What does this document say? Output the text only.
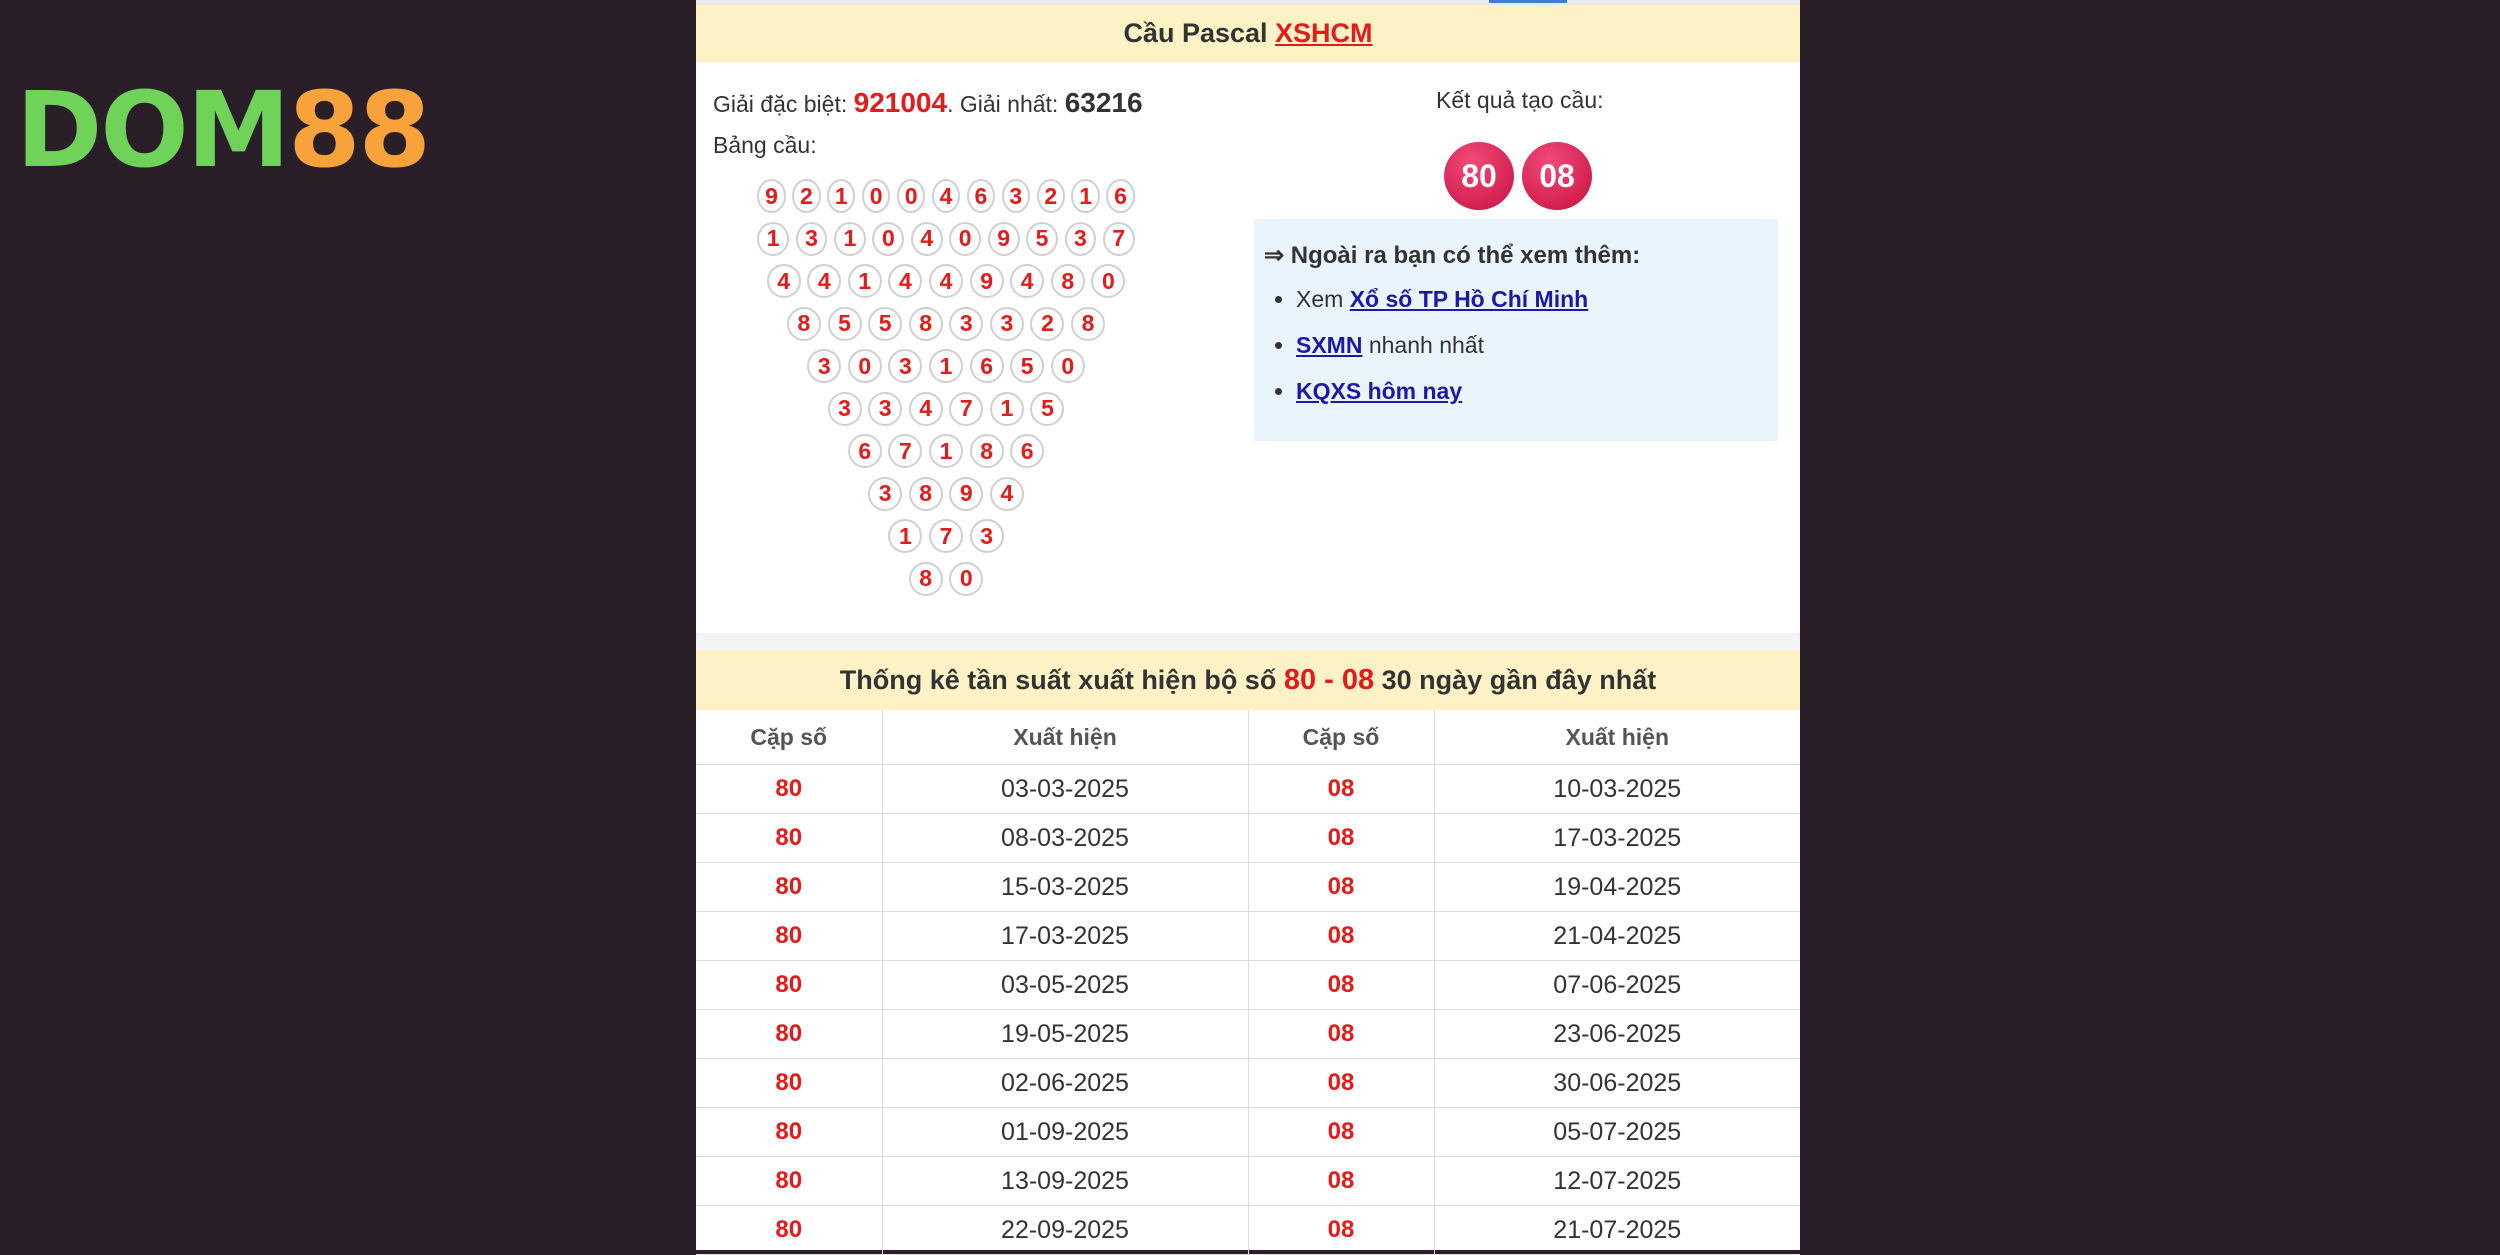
DOM88
Cầu Pascal XSHCM
Giải đặc biệt: 921004. Giải nhất: 63216
Bảng cầu:
9 2 1 0 0 4 6 3 2 1 6
1	3	1	0	4	0	9	5	3	7
4	4	1	4	4	9	4	8	0
8	5	5	8	3	3	2	8
3	0	3	1	6	5	0
3	3	4	7	1	5
6	7	1	8	6
3	8	9	4
1	7	3
8	0
Kết quả tạo cầu:
80	08
⇒ Ngoài ra bạn có thể xem thêm:
• Xem Xổ số TP Hồ Chí Minh
• SXMN nhanh nhất
• KQXS hôm nay
Thống kê tần suất xuất hiện bộ số 80 - 08 30 ngày gần đây nhất
Cặp số	Xuất hiện	Cặp số	Xuất hiện
80	03-03-2025	08	10-03-2025
80	08-03-2025	08	17-03-2025
80	15-03-2025	08	19-04-2025
80	17-03-2025	08	21-04-2025
80	03-05-2025	08	07-06-2025
80	19-05-2025	08	23-06-2025
80	02-06-2025	08	30-06-2025
80	01-09-2025	08	05-07-2025
80	13-09-2025	08	12-07-2025
80	22-09-2025	08	21-07-2025
